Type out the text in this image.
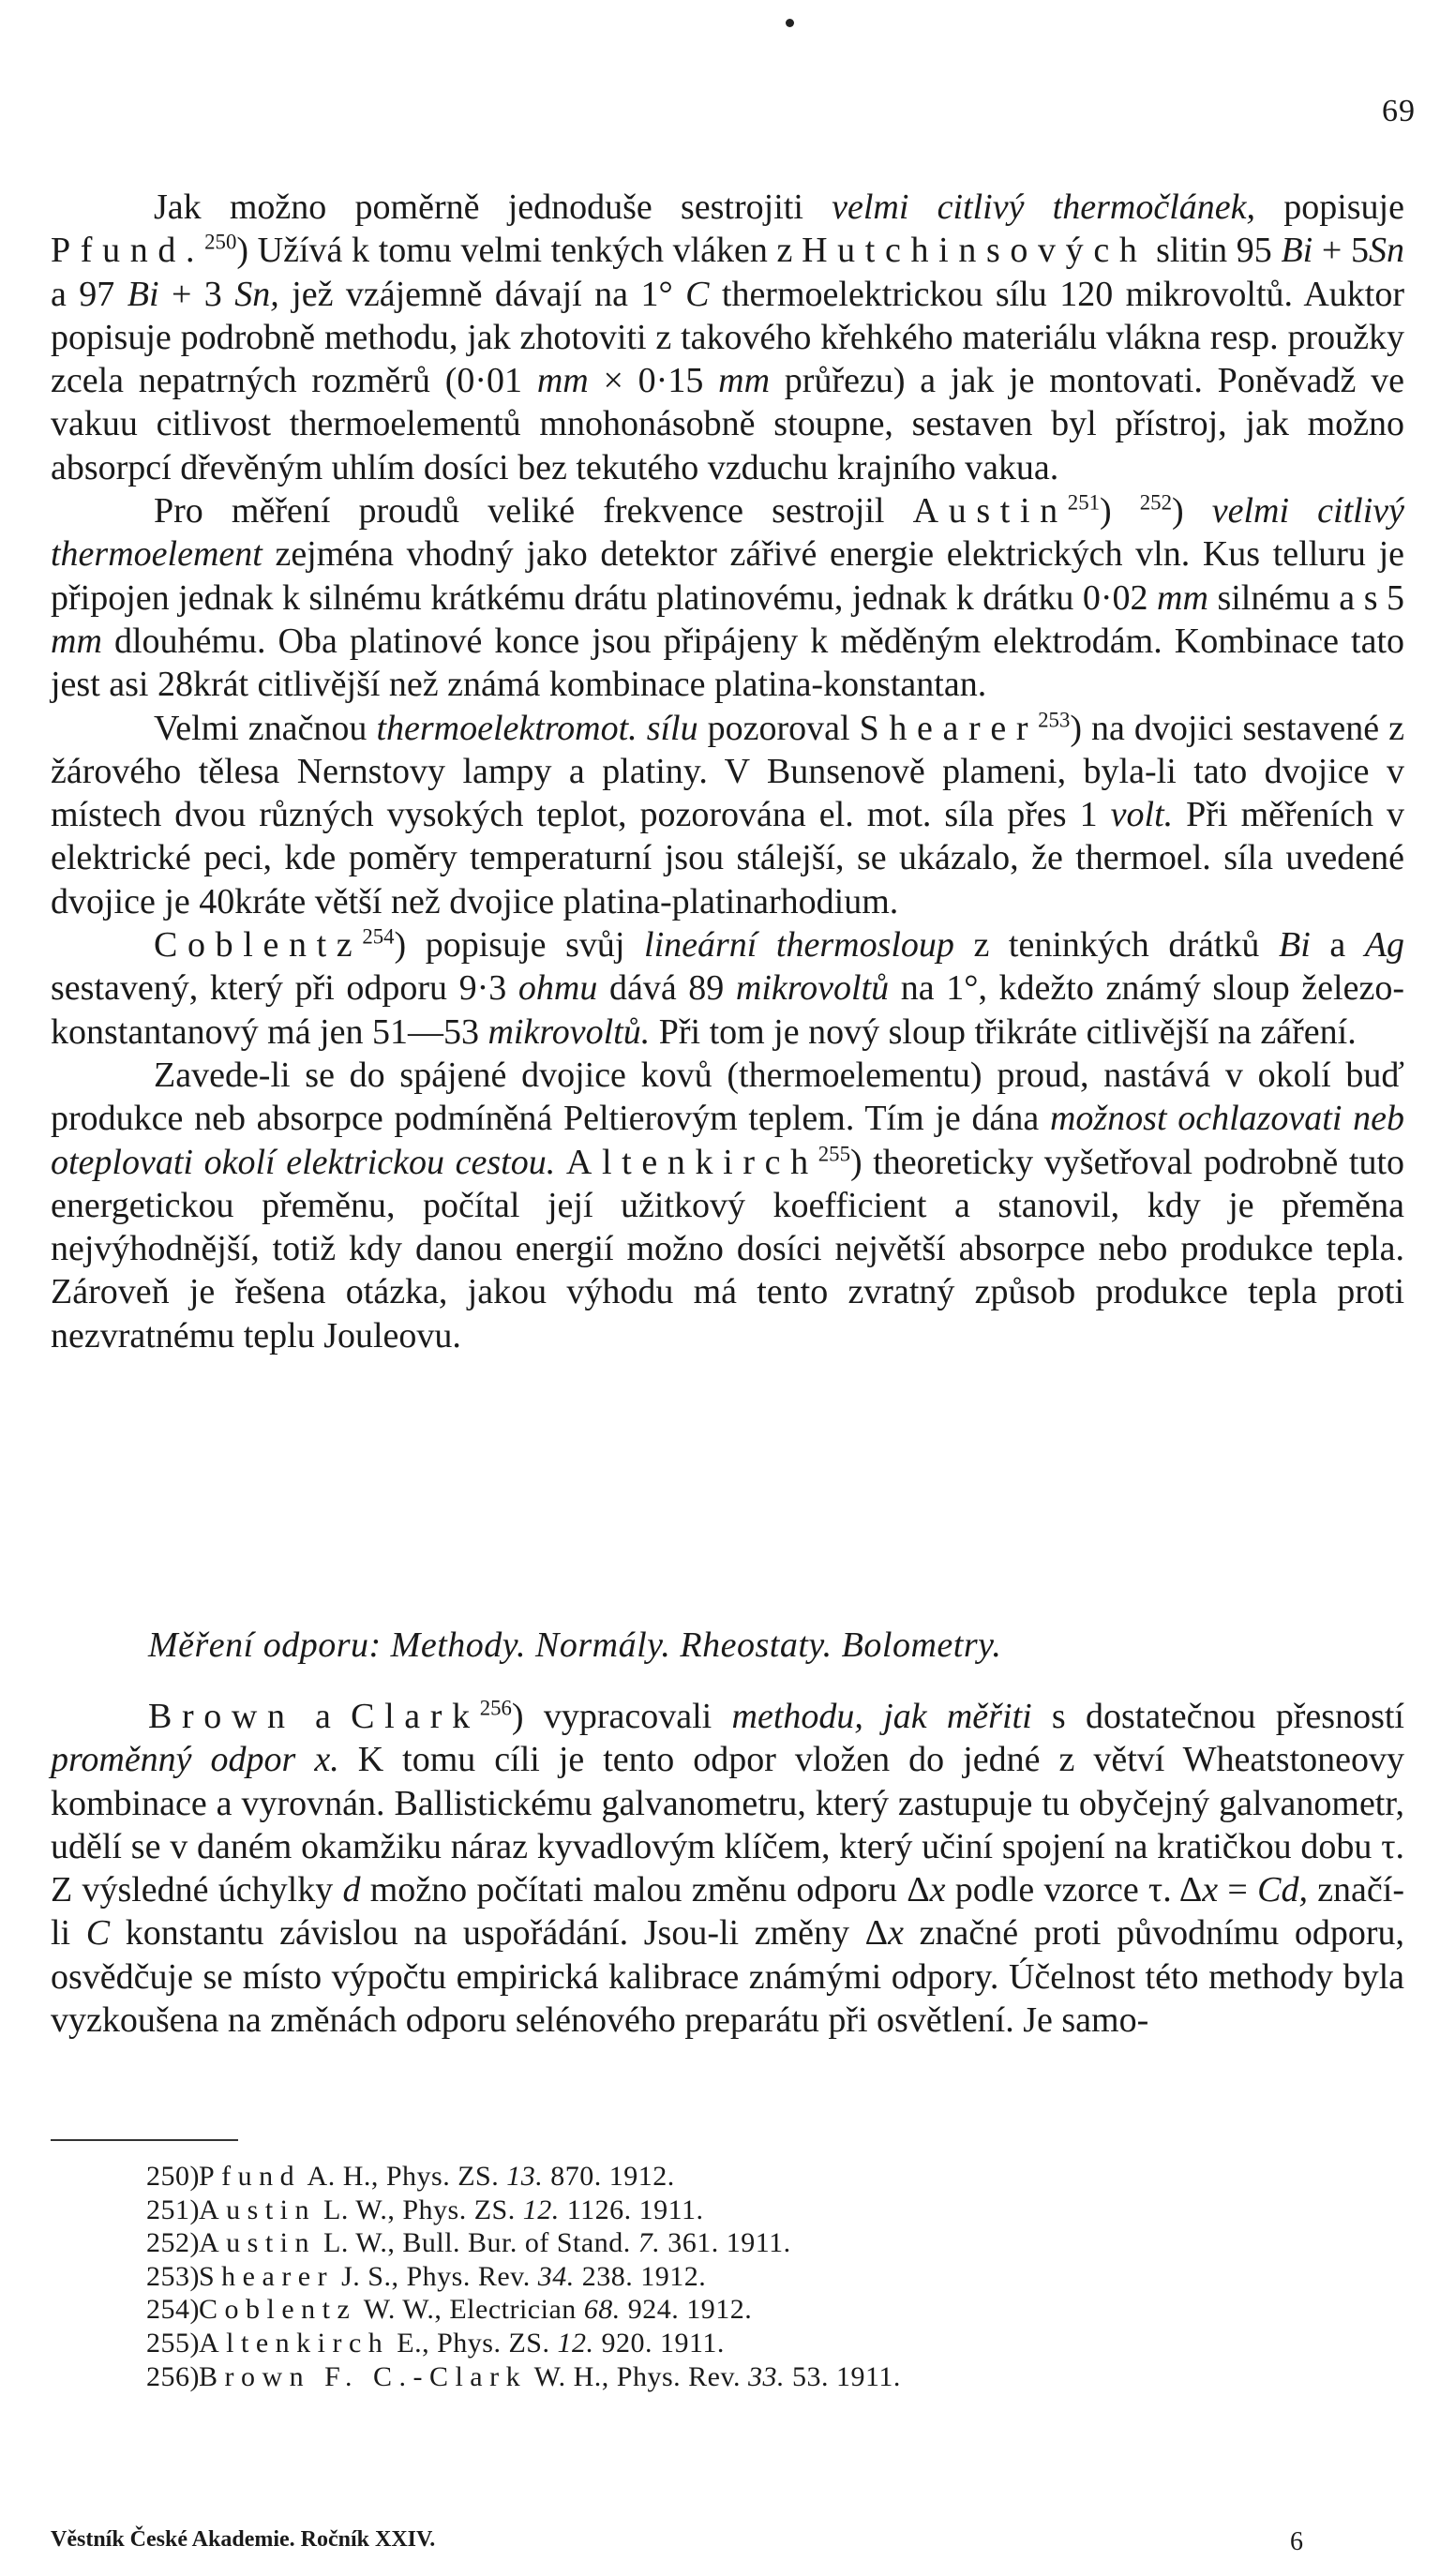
69

Jak možno poměrně jednoduše sestrojiti velmi citlivý thermočlánek, popisuje Pfund.$^{250}$) Užívá k tomu velmi tenkých vláken z Hutchinsových slitin 95 Bi + 5Sn a 97 Bi + 3 Sn, jež vzájemně dávají na 1° C thermoelektrickou sílu 120 mikrovoltů. Auktor popisuje podrobně methodu, jak zhotoviti z takového křehkého materiálu vlákna resp. proužky zcela nepatrných rozměrů (0·01 mm × 0·15 mm průřezu) a jak je montovati. Poněvadž ve vakuu citlivost thermoelementů mnohonásobně stoupne, sestaven byl přístroj, jak možno absorpcí dřevěným uhlím dosíci bez tekutého vzduchu krajního vakua.

Pro měření proudů veliké frekvence sestrojil Austin$^{251}$) $^{252}$) velmi citlivý thermoelement zejména vhodný jako detektor zářivé energie elektrických vln. Kus telluru je připojen jednak k silnému krátkému drátu platinovému, jednak k drátku 0·02 mm silnému a s 5 mm dlouhému. Oba platinové konce jsou připájeny k měděným elektrodám. Kombinace tato jest asi 28krát citlivější než známá kombinace platina-konstantan.

Velmi značnou thermoelektromot. sílu pozoroval Shearer$^{253}$) na dvojici sestavené z žárového tělesa Nernstovy lampy a platiny. V Bunsenově plameni, byla-li tato dvojice v místech dvou různých vysokých teplot, pozorována el. mot. síla přes 1 volt. Při měřeních v elektrické peci, kde poměry temperaturní jsou stálejší, se ukázalo, že thermoel. síla uvedené dvojice je 40kráte větší než dvojice platina-platinarhodium.

Coblentz$^{254}$) popisuje svůj lineární thermosloup z teninkých drátků Bi a Ag sestavený, který při odporu 9·3 ohmu dává 89 mikrovoltů na 1°, kdežto známý sloup železo-konstantanový má jen 51—53 mikrovoltů. Při tom je nový sloup třikráte citlivější na záření.

Zavede-li se do spájené dvojice kovů (thermoelementu) proud, nastává v okolí buď produkce neb absorpce podmíněná Peltierovým teplem. Tím je dána možnost ochlazovati neb oteplovati okolí elektrickou cestou. Altenkirch$^{255}$) theoreticky vyšetřoval podrobně tuto energetickou přeměnu, počítal její užitkový koefficient a stanovil, kdy je přeměna nejvýhodnější, totiž kdy danou energií možno dosíci největší absorpce nebo produkce tepla. Zároveň je řešena otázka, jakou výhodu má tento zvratný způsob produkce tepla proti nezvratnému teplu Jouleovu.

Měření odporu: Methody. Normály. Rheostaty. Bolometry.

Brown a Clark$^{256}$) vypracovali methodu, jak měřiti s dostatečnou přesností proměnný odpor x. K tomu cíli je tento odpor vložen do jedné z větví Wheatstoneovy kombinace a vyrovnán. Ballistickému galvanometru, který zastupuje tu obyčejný galvanometr, udělí se v daném okamžiku náraz kyvadlovým klíčem, který učiní spojení na kratičkou dobu τ. Z výsledné úchylky d možno počítati malou změnu odporu Δx podle vzorce τ. Δx = Cd, značí-li C konstantu závislou na uspořádání. Jsou-li změny Δx značné proti původnímu odporu, osvědčuje se místo výpočtu empirická kalibrace známými odpory. Účelnost této methody byla vyzkoušena na změnách odporu selénového preparátu při osvětlení. Je samo-

250)Pfund A. H., Phys. ZS. 13. 870. 1912.
251)Austin L. W., Phys. ZS. 12. 1126. 1911.
252)Austin L. W., Bull. Bur. of Stand. 7. 361. 1911.
253)Shearer J. S., Phys. Rev. 34. 238. 1912.
254)Coblentz W. W., Electrician 68. 924. 1912.
255)Altenkirch E., Phys. ZS. 12. 920. 1911.
256)Brown F. C.-Clark W. H., Phys. Rev. 33. 53. 1911.
Věstník České Akademie. Ročník XXIV.	6
